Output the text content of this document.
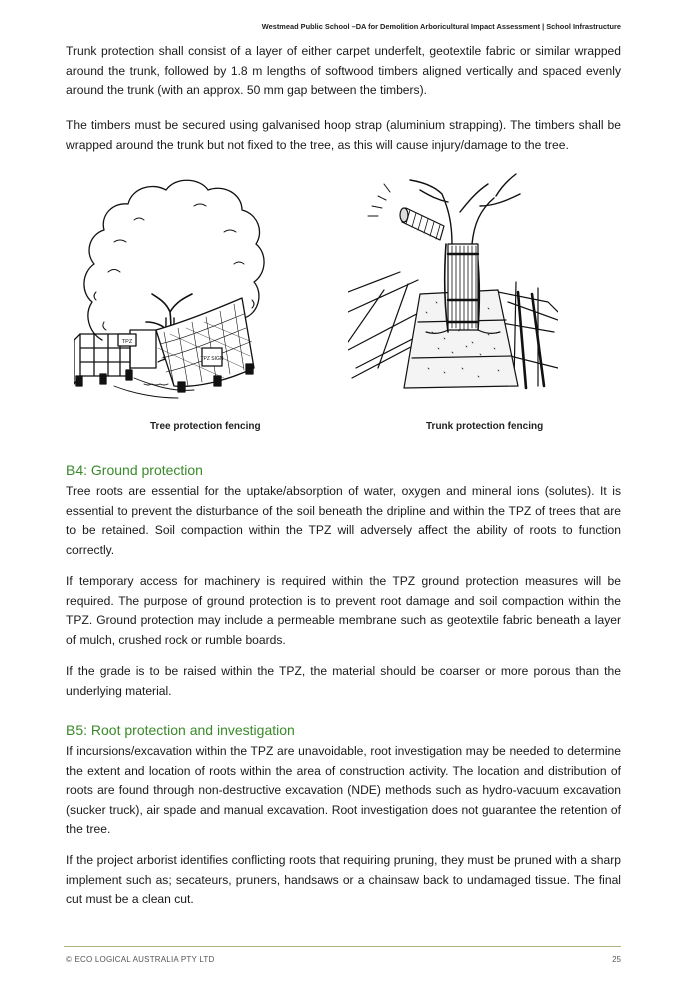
Westmead Public School –DA for Demolition Arboricultural Impact Assessment | School Infrastructure

Trunk protection shall consist of a layer of either carpet underfelt, geotextile fabric or similar wrapped around the trunk, followed by 1.8 m lengths of softwood timbers aligned vertically and spaced evenly around the trunk (with an approx. 50 mm gap between the timbers).

The timbers must be secured using galvanised hoop strap (aluminium strapping). The timbers shall be wrapped around the trunk but not fixed to the tree, as this will cause injury/damage to the tree.

TPZ
TPZ SIGN
Tree protection fencing	Trunk protection fencing
B4: Ground protection

Tree roots are essential for the uptake/absorption of water, oxygen and mineral ions (solutes). It is essential to prevent the disturbance of the soil beneath the dripline and within the TPZ of trees that are to be retained. Soil compaction within the TPZ will adversely affect the ability of roots to function correctly.

If temporary access for machinery is required within the TPZ ground protection measures will be required. The purpose of ground protection is to prevent root damage and soil compaction within the TPZ. Ground protection may include a permeable membrane such as geotextile fabric beneath a layer of mulch, crushed rock or rumble boards.

If the grade is to be raised within the TPZ, the material should be coarser or more porous than the underlying material.

B5: Root protection and investigation

If incursions/excavation within the TPZ are unavoidable, root investigation may be needed to determine the extent and location of roots within the area of construction activity. The location and distribution of roots are found through non-destructive excavation (NDE) methods such as hydro-vacuum excavation (sucker truck), air spade and manual excavation. Root investigation does not guarantee the retention of the tree.

If the project arborist identifies conflicting roots that requiring pruning, they must be pruned with a sharp implement such as; secateurs, pruners, handsaws or a chainsaw back to undamaged tissue. The final cut must be a clean cut.

© ECO LOGICAL AUSTRALIA PTY LTD	25
